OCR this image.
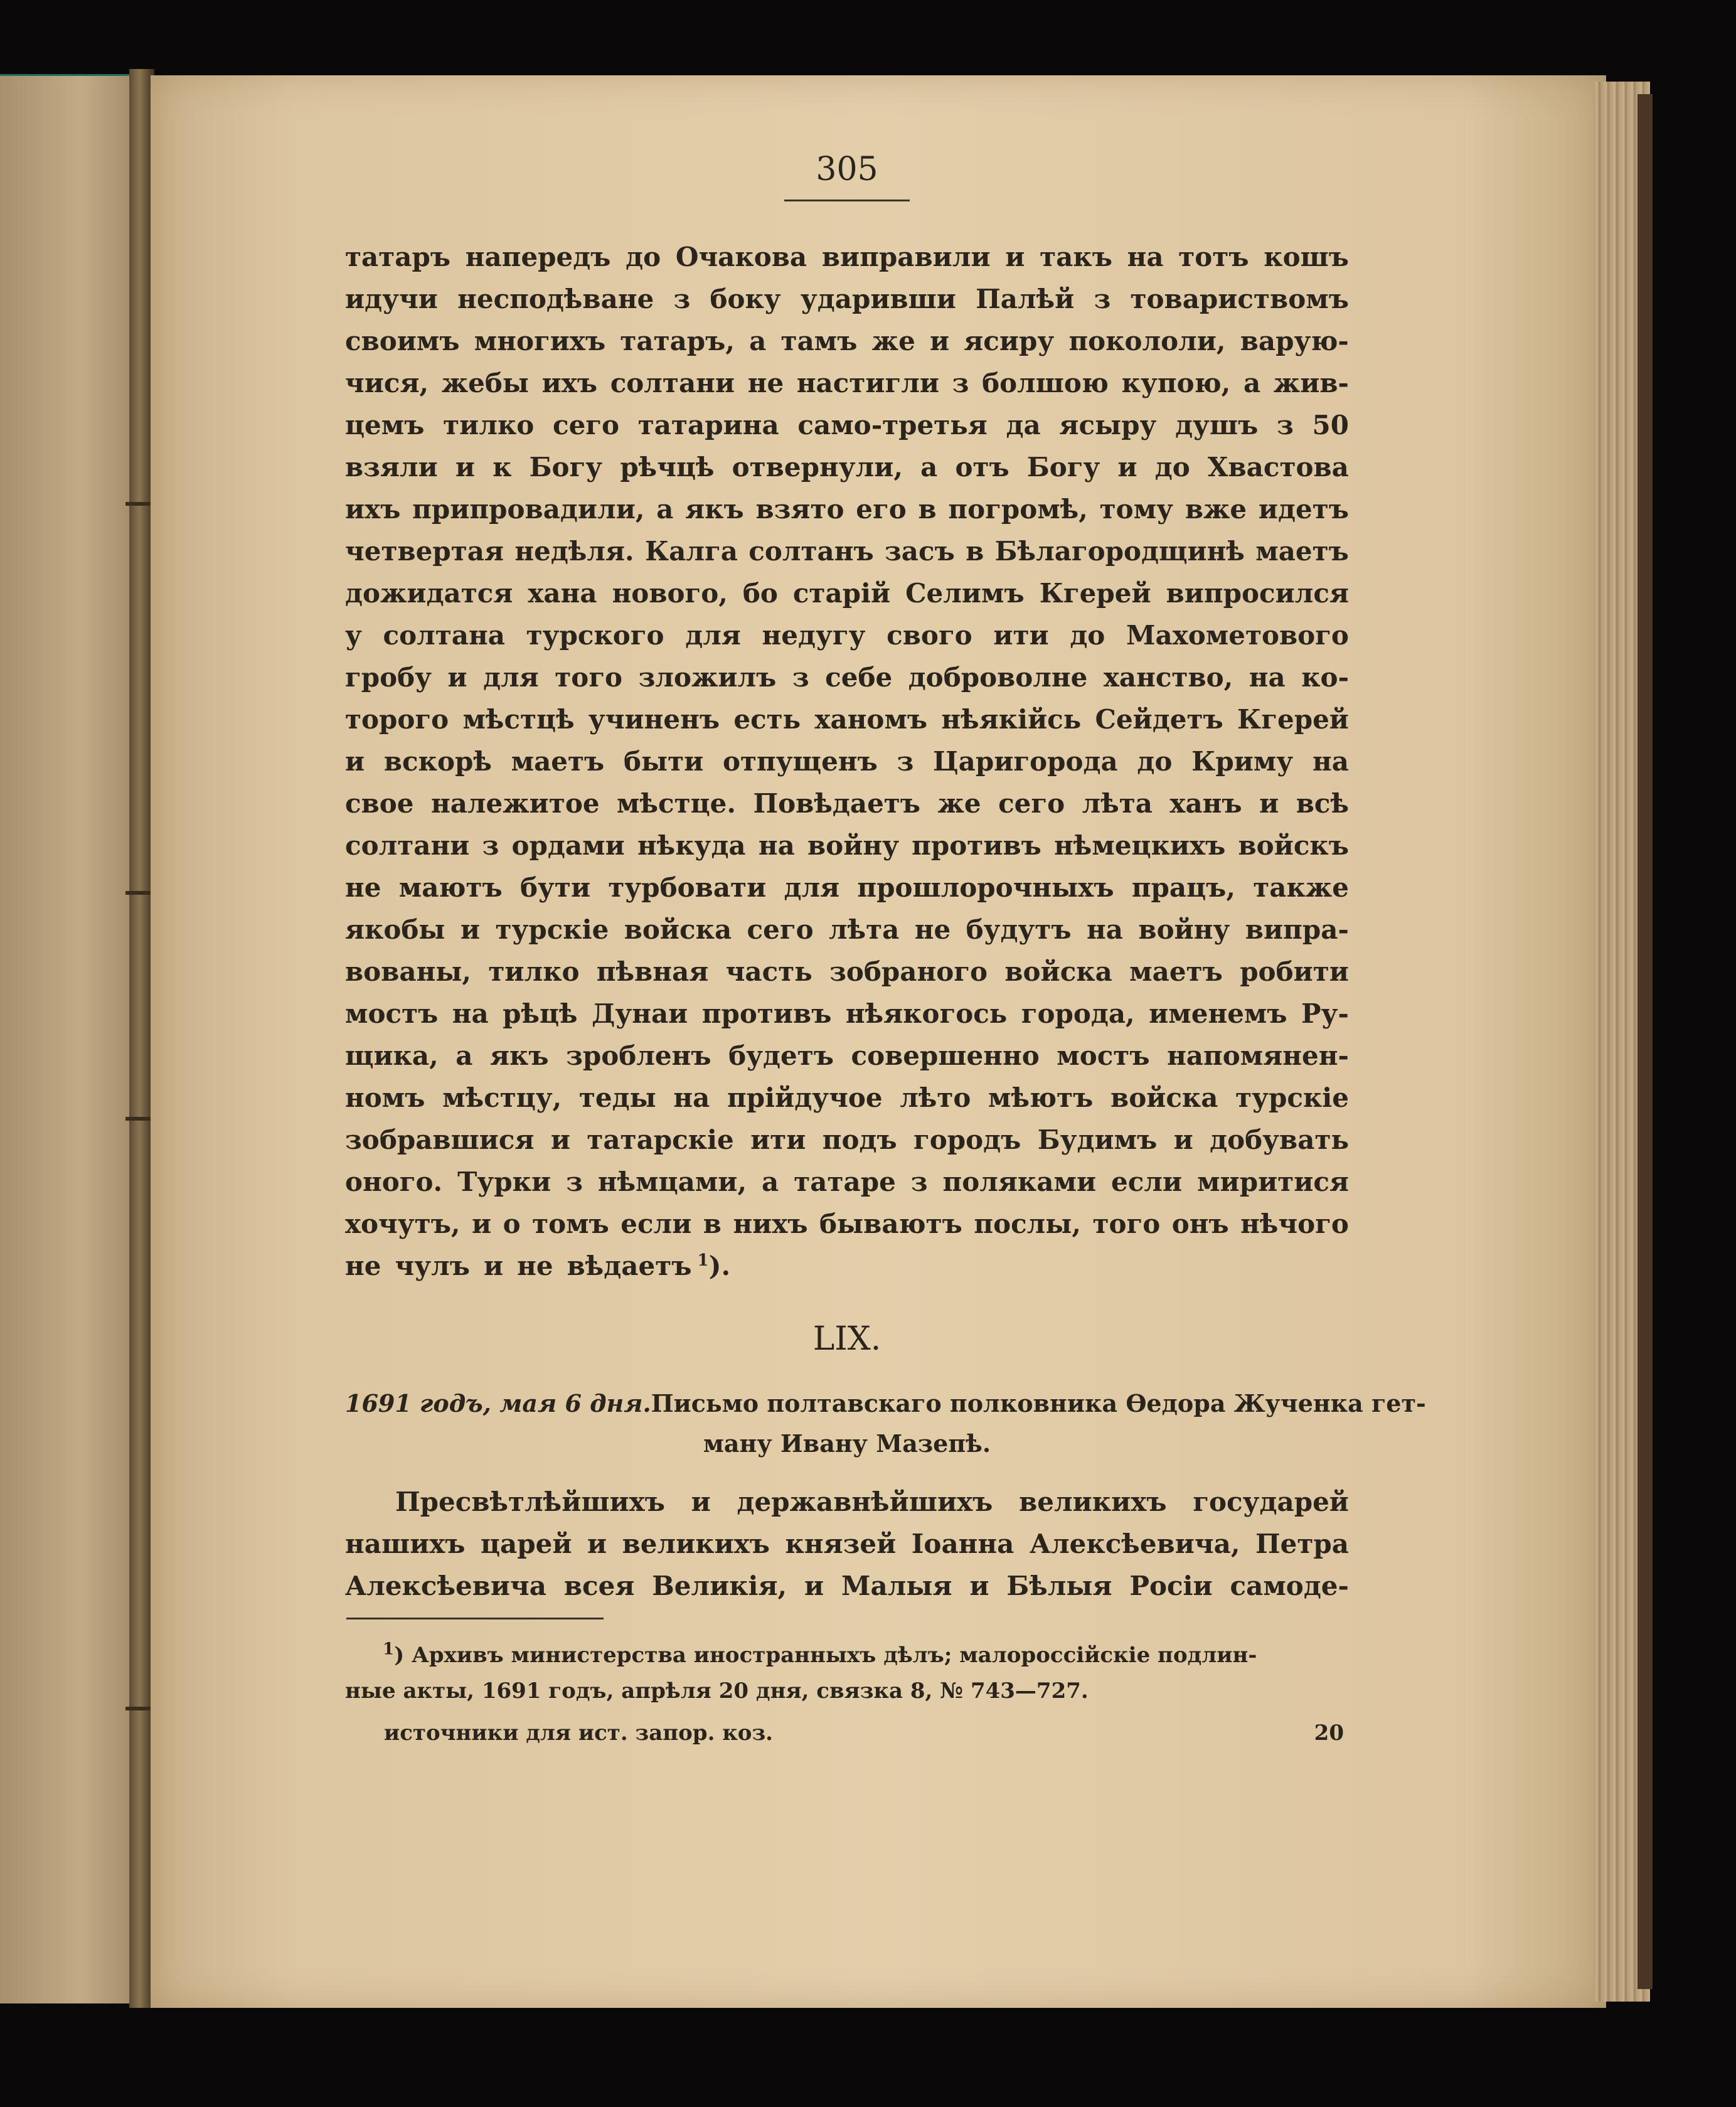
305
татаръ напередъ до Очакова виправили и такъ на тотъ кошъ
идучи несподѣване з боку ударивши Палѣй з товариствомъ
своимъ многихъ татаръ, а тамъ же и ясиру покололи, варую-
чися, жебы ихъ солтани не настигли з болшою купою, а жив-
цемъ тилко сего татарина само-третья да ясыру душъ з 50
взяли и к Богу рѣчцѣ отвернули, а отъ Богу и до Хвастова
ихъ припровадили, а якъ взято его в погромѣ, тому вже идетъ
четвертая недѣля. Калга солтанъ засъ в Бѣлагородщинѣ маетъ
дожидатся хана нового, бо старій Селимъ Кгерей випросился
у солтана турского для недугу свого ити до Махометового
гробу и для того зложилъ з себе доброволне ханство, на ко-
торого мѣстцѣ учиненъ есть ханомъ нѣякійсь Сейдетъ Кгерей
и вскорѣ маетъ быти отпущенъ з Царигорода до Криму на
свое належитое мѣстце. Повѣдаетъ же сего лѣта ханъ и всѣ
солтани з ордами нѣкуда на войну противъ нѣмецкихъ войскъ
не маютъ бути турбовати для прошлорочныхъ працъ, также
якобы и турскіе войска сего лѣта не будутъ на войну випра-
вованы, тилко пѣвная часть зобраного войска маетъ робити
мостъ на рѣцѣ Дунаи противъ нѣякогось города, именемъ Ру-
щика, а якъ зробленъ будетъ совершенно мостъ напомянен-
номъ мѣстцу, теды на прійдучое лѣто мѣютъ войска турскіе
зобравшися и татарскіе ити подъ городъ Будимъ и добувать
оного. Турки з нѣмцами, а татаре з поляками если миритися
хочутъ, и о томъ если в нихъ бываютъ послы, того онъ нѣчого
не чулъ и не вѣдаетъ $^1$).
LIX.
1691 годъ, мая 6 дня. Письмо полтавскаго полковника Ѳедора Жученка гет-
ману Ивану Мазепѣ.
Пресвѣтлѣйшихъ и державнѣйшихъ великихъ государей
нашихъ царей и великихъ князей Іоанна Алексѣевича, Петра
Алексѣевича всея Великія, и Малыя и Бѣлыя Росіи самоде-
$^1$) Архивъ министерства иностранныхъ дѣлъ; малороссійскіе подлин-
ные акты, 1691 годъ, апрѣля 20 дня, связка 8, № 743—727.
источники для ист. запор. коз.	20
